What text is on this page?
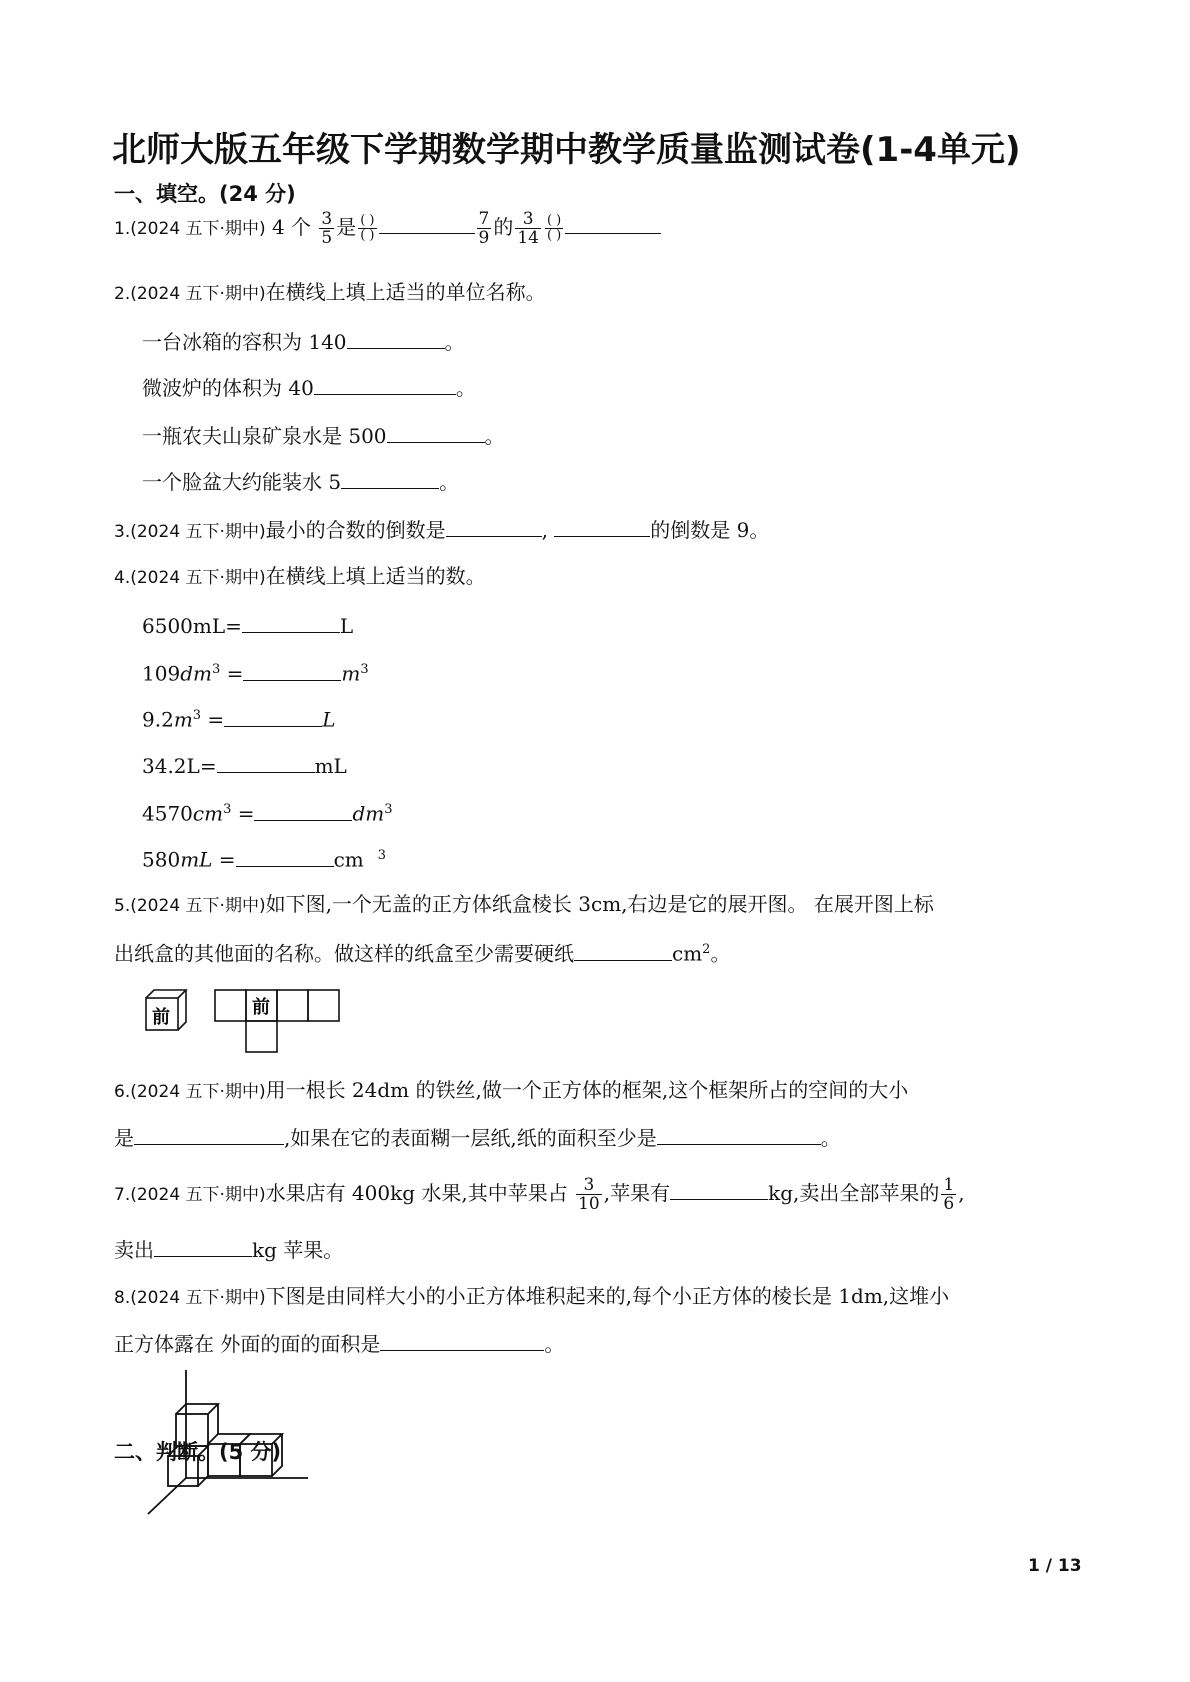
北师大版五年级下学期数学期中教学质量监测试卷(1-4单元)
一、填空。(24 分)
1.(2024 五下·期中) 4 个 $\frac{3}{5}$ 是 $\frac{( )}{( )}$	$\frac{7}{9}$ 的 $\frac{3}{14} \frac{( )}{( )}$
2.(2024 五下·期中)在横线上填上适当的单位名称。
一台冰箱的容积为 140	。
微波炉的体积为 40	。
一瓶农夫山泉矿泉水是 500	。
一个脸盆大约能装水 5	。
3.(2024 五下·期中)最小的合数的倒数是	,	的倒数是 9。
4.(2024 五下·期中)在横线上填上适当的数。
6500mL=	L
$109dm^3$ =	$m^3$
$9.2m^3$ =	L
34.2L=	mL
$4570cm^3$ =	$dm^3$
580mL =	cm $^3$
5.(2024 五下·期中)如下图,一个无盖的正方体纸盒棱长 3cm,右边是它的展开图。 在展开图上标
出纸盒的其他面的名称。做这样的纸盒至少需要硬纸	$cm^2$。
前	前
6.(2024 五下·期中)用一根长 24dm 的铁丝,做一个正方体的框架,这个框架所占的空间的大小
是	,如果在它的表面糊一层纸,纸的面积至少是	。
7.(2024 五下·期中)水果店有 400kg 水果,其中苹果占 $\frac{3}{10}$ ,苹果有	kg,卖出全部苹果的 $\frac{1}{6}$ ,
卖出	kg 苹果。
8.(2024 五下·期中)下图是由同样大小的小正方体堆积起来的,每个小正方体的棱长是 1dm,这堆小
正方体露在 外面的面的面积是	。
二、判断。(5 分)
1 / 13
